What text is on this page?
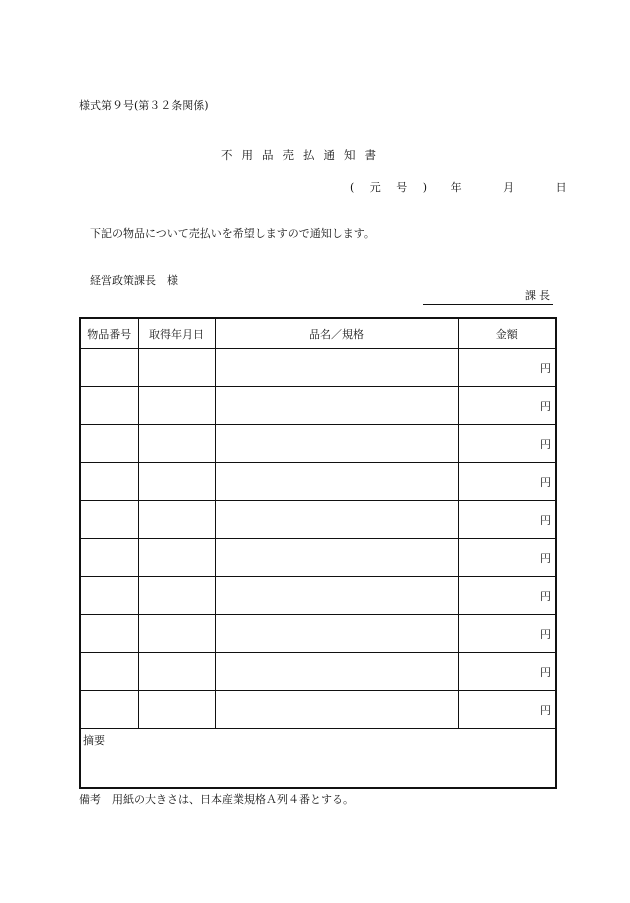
様式第９号(第３２条関係)
不用品売払通知書
( 元 号 ) 年	月	日
下記の物品について売払いを希望しますので通知します。
経営政策課長　様
課長
物品番号	取得年月日	品名／規格	金額
			円
			円
			円
			円
			円
			円
			円
			円
			円
			円
摘要			
備考　用紙の大きさは、日本産業規格Ａ列４番とする。
